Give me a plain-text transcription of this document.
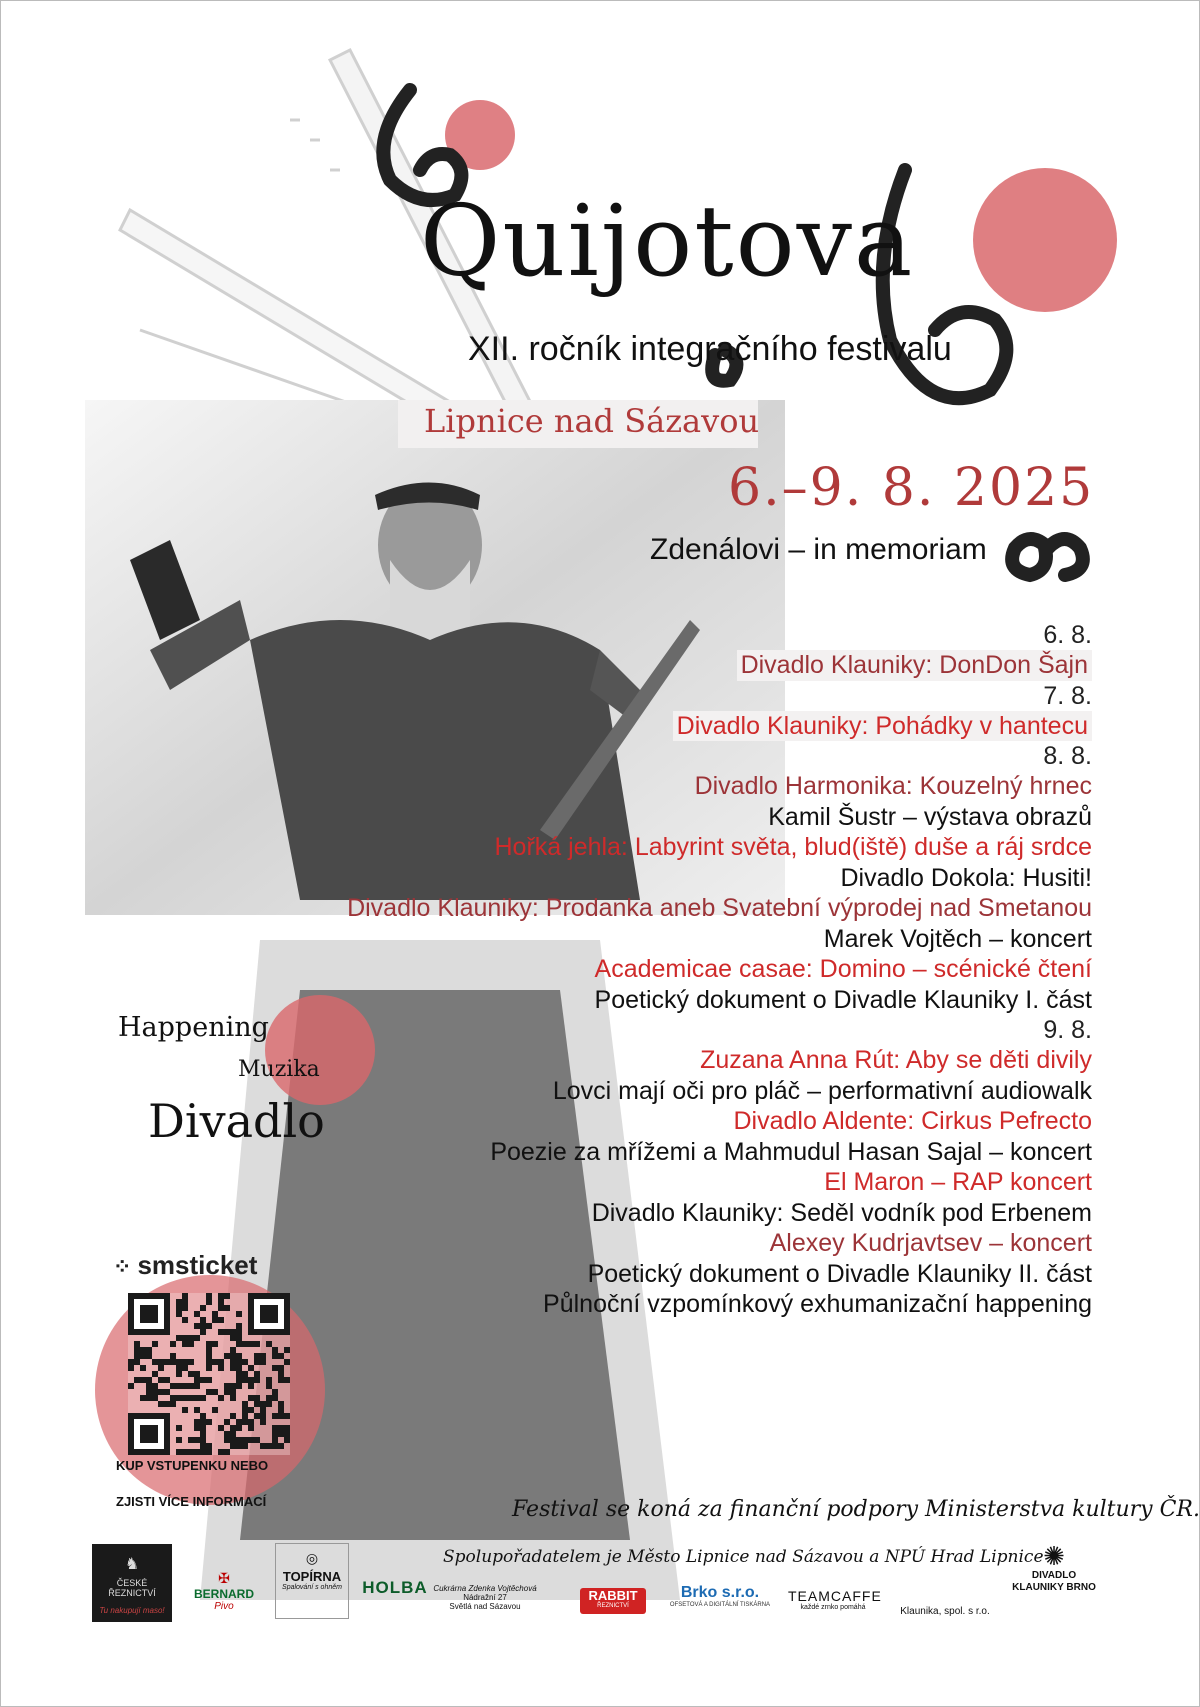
Quijotova
XII. ročník integračního festivalu
Lipnice nad Sázavou
6.–9. 8. 2025
Zdenálovi – in memoriam
6. 8.
Divadlo Klauniky: DonDon Šajn
7. 8.
Divadlo Klauniky: Pohádky v hantecu
8. 8.
Divadlo Harmonika: Kouzelný hrnec
Kamil Šustr – výstava obrazů
Hořká jehla: Labyrint světa, blud(iště) duše a ráj srdce
Divadlo Dokola: Husiti!
Divadlo Klauniky: Prodanka aneb Svatební výprodej nad Smetanou
Marek Vojtěch – koncert
Academicae casae: Domino – scénické čtení
Poetický dokument o Divadle Klauniky I. část
9. 8.
Zuzana Anna Rút: Aby se děti divily
Lovci mají oči pro pláč – performativní audiowalk
Divadlo Aldente: Cirkus Pefrecto
Poezie za mřížemi a Mahmudul Hasan Sajal – koncert
El Maron – RAP koncert
Divadlo Klauniky: Seděl vodník pod Erbenem
Alexey Kudrjavtsev – koncert
Poetický dokument o Divadle Klauniky II. část
Půlnoční vzpomínkový exhumanizační happening
Happening
Muzika
Divadlo
⁘ smsticket
KUP VSTUPENKU NEBO
ZJISTI VÍCE INFORMACÍ	Festival se koná za finanční podpory Ministerstva kultury ČR.
Spolupořadatelem je Město Lipnice nad Sázavou a NPÚ Hrad Lipnice
♞
ČESKÉ ŘEZNICTVÍ
Tu nakupují maso!
✠
BERNARD
Pivo
◎
TOPÍRNA
Spalování s ohněm	HOLBA Cukrárna Zdenka Vojtěchová
Nádražní 27
Světlá nad Sázavou
RABBIT
ŘEZNICTVÍ
Brko s.r.o.
OFSETOVÁ A DIGITÁLNÍ TISKÁRNA
TEAMCAFFE
každé zrnko pomáhá	Klaunika, spol. s r.o.
✺
DIVADLO KLAUNIKY BRNO
